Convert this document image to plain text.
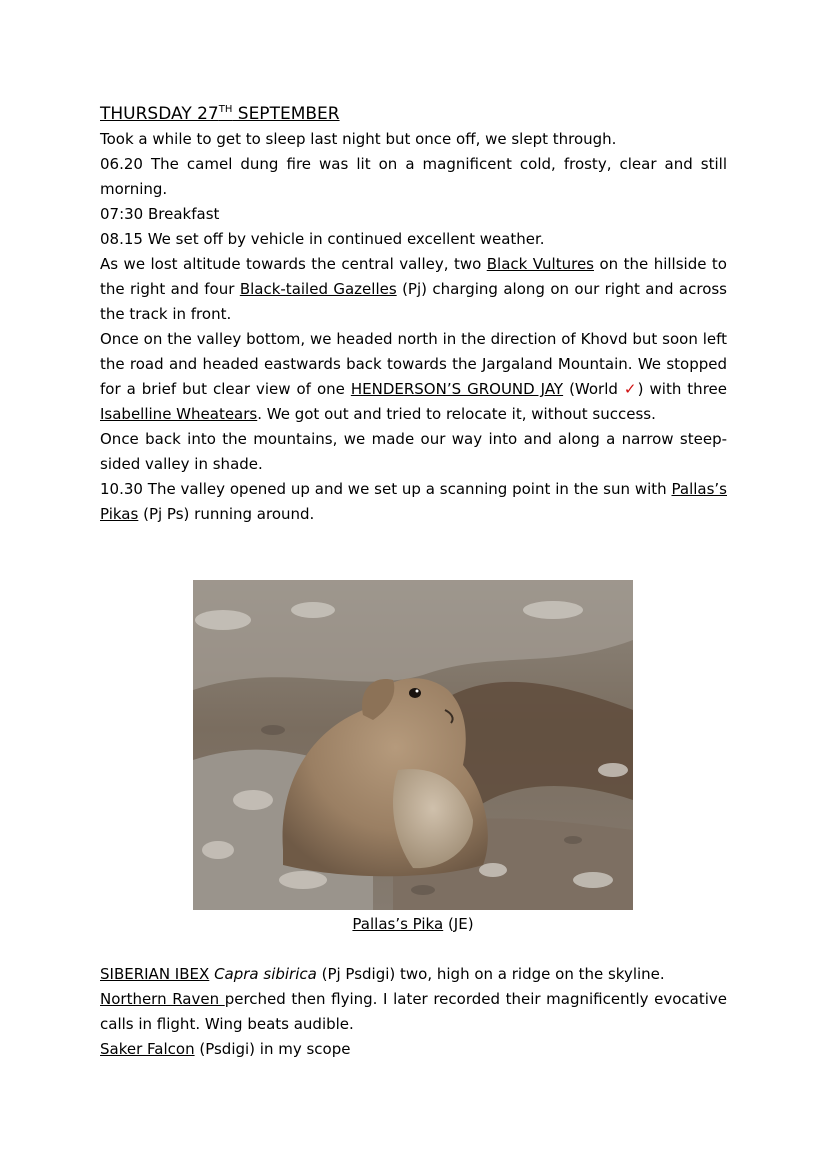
THURSDAY 27TH SEPTEMBER

Took a while to get to sleep last night but once off, we slept through.

06.20 The camel dung fire was lit on a magnificent cold, frosty, clear and still morning.

07:30 Breakfast

08.15 We set off by vehicle in continued excellent weather.

As we lost altitude towards the central valley, two Black Vultures on the hillside to the right and four Black-tailed Gazelles (Pj) charging along on our right and across the track in front.

Once on the valley bottom, we headed north in the direction of Khovd but soon left the road and headed eastwards back towards the Jargaland Mountain. We stopped for a brief but clear view of one HENDERSON’S GROUND JAY (World ✓) with three Isabelline Wheatears. We got out and tried to relocate it, without success.

Once back into the mountains, we made our way into and along a narrow steep-sided valley in shade.

10.30 The valley opened up and we set up a scanning point in the sun with Pallas’s Pikas (Pj Ps) running around.

Pallas’s Pika (JE)

SIBERIAN IBEX Capra sibirica (Pj Psdigi) two, high on a ridge on the skyline.

Northern Raven perched then flying. I later recorded their magnificently evocative calls in flight. Wing beats audible.

Saker Falcon (Psdigi) in my scope
